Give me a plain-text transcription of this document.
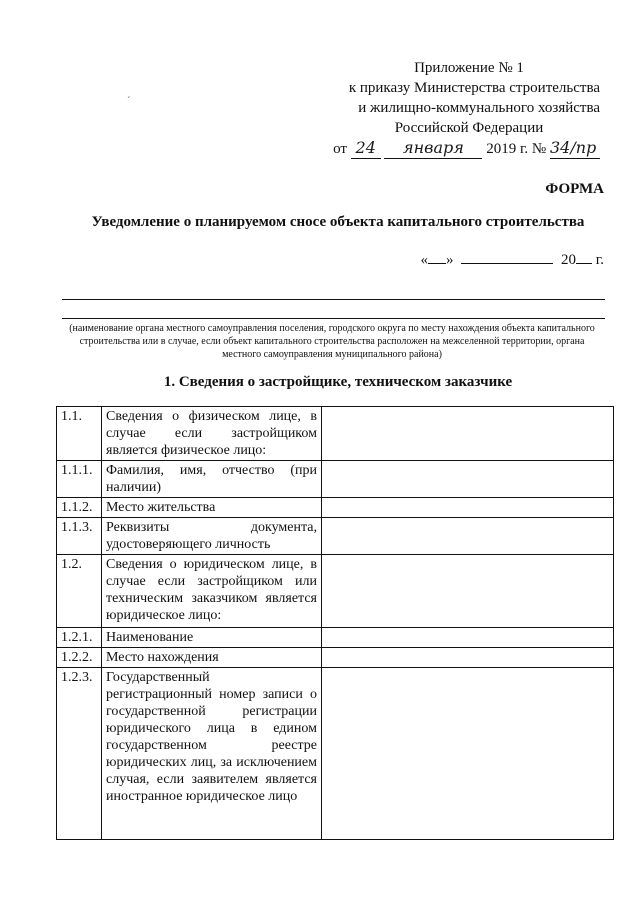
´
Приложение № 1
к приказу Министерства строительства
и жилищно-коммунального хозяйства
Российской Федерации
от 24 января 2019 г. № 34/пр
ФОРМА
Уведомление о планируемом сносе объекта капитального строительства
« »	20 г.
(наименование органа местного самоуправления поселения, городского округа по месту нахождения объекта капитального строительства или в случае, если объект капитального строительства расположен на межселенной территории, органа местного самоуправления муниципального района)
1. Сведения о застройщике, техническом заказчике
1.1.	Сведения о физическом лице, в случае если застройщиком является физическое лицо:	
1.1.1.	Фамилия, имя, отчество (при наличии)	
1.1.2.	Место жительства	
1.1.3.	Реквизиты документа, удостоверяющего личность	
1.2.	Сведения о юридическом лице, в случае если застройщиком или техническим заказчиком является юридическое лицо:	
1.2.1.	Наименование	
1.2.2.	Место нахождения	
1.2.3.	Государственный регистрационный номер записи о государственной регистрации юридического лица в едином государственном реестре юридических лиц, за исключением случая, если заявителем является иностранное юридическое лицо	
